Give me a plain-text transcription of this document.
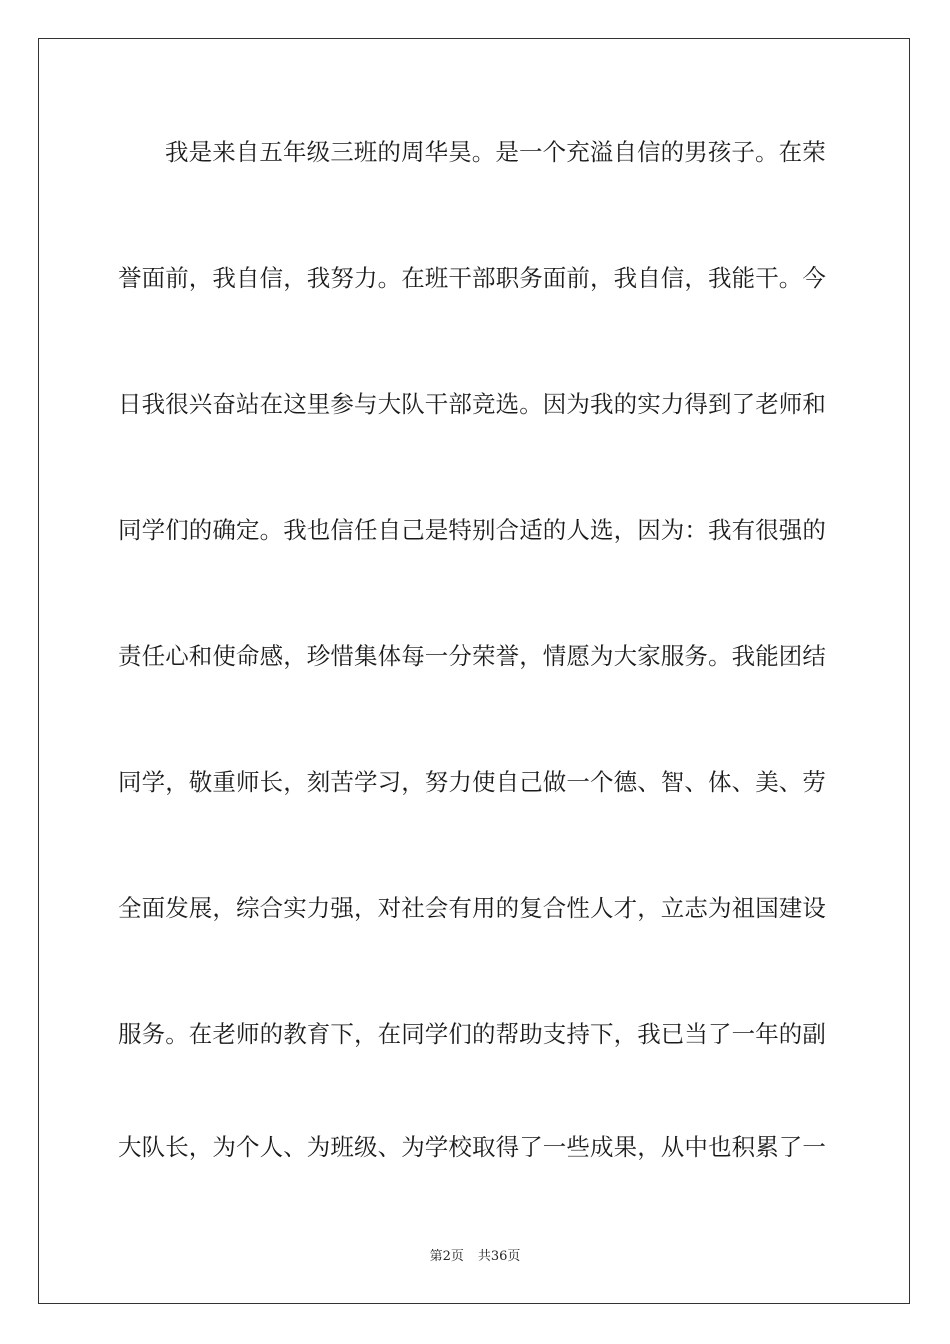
我是来自五年级三班的周华昊。是一个充溢自信的男孩子。在荣
誉面前，我自信，我努力。在班干部职务面前，我自信，我能干。今
日我很兴奋站在这里参与大队干部竞选。因为我的实力得到了老师和
同学们的确定。我也信任自己是特别合适的人选，因为：我有很强的
责任心和使命感，珍惜集体每一分荣誉，情愿为大家服务。我能团结
同学，敬重师长，刻苦学习，努力使自己做一个德、智、体、美、劳
全面发展，综合实力强，对社会有用的复合性人才，立志为祖国建设
服务。在老师的教育下，在同学们的帮助支持下，我已当了一年的副
大队长，为个人、为班级、为学校取得了一些成果，从中也积累了一
第2页 共36页
